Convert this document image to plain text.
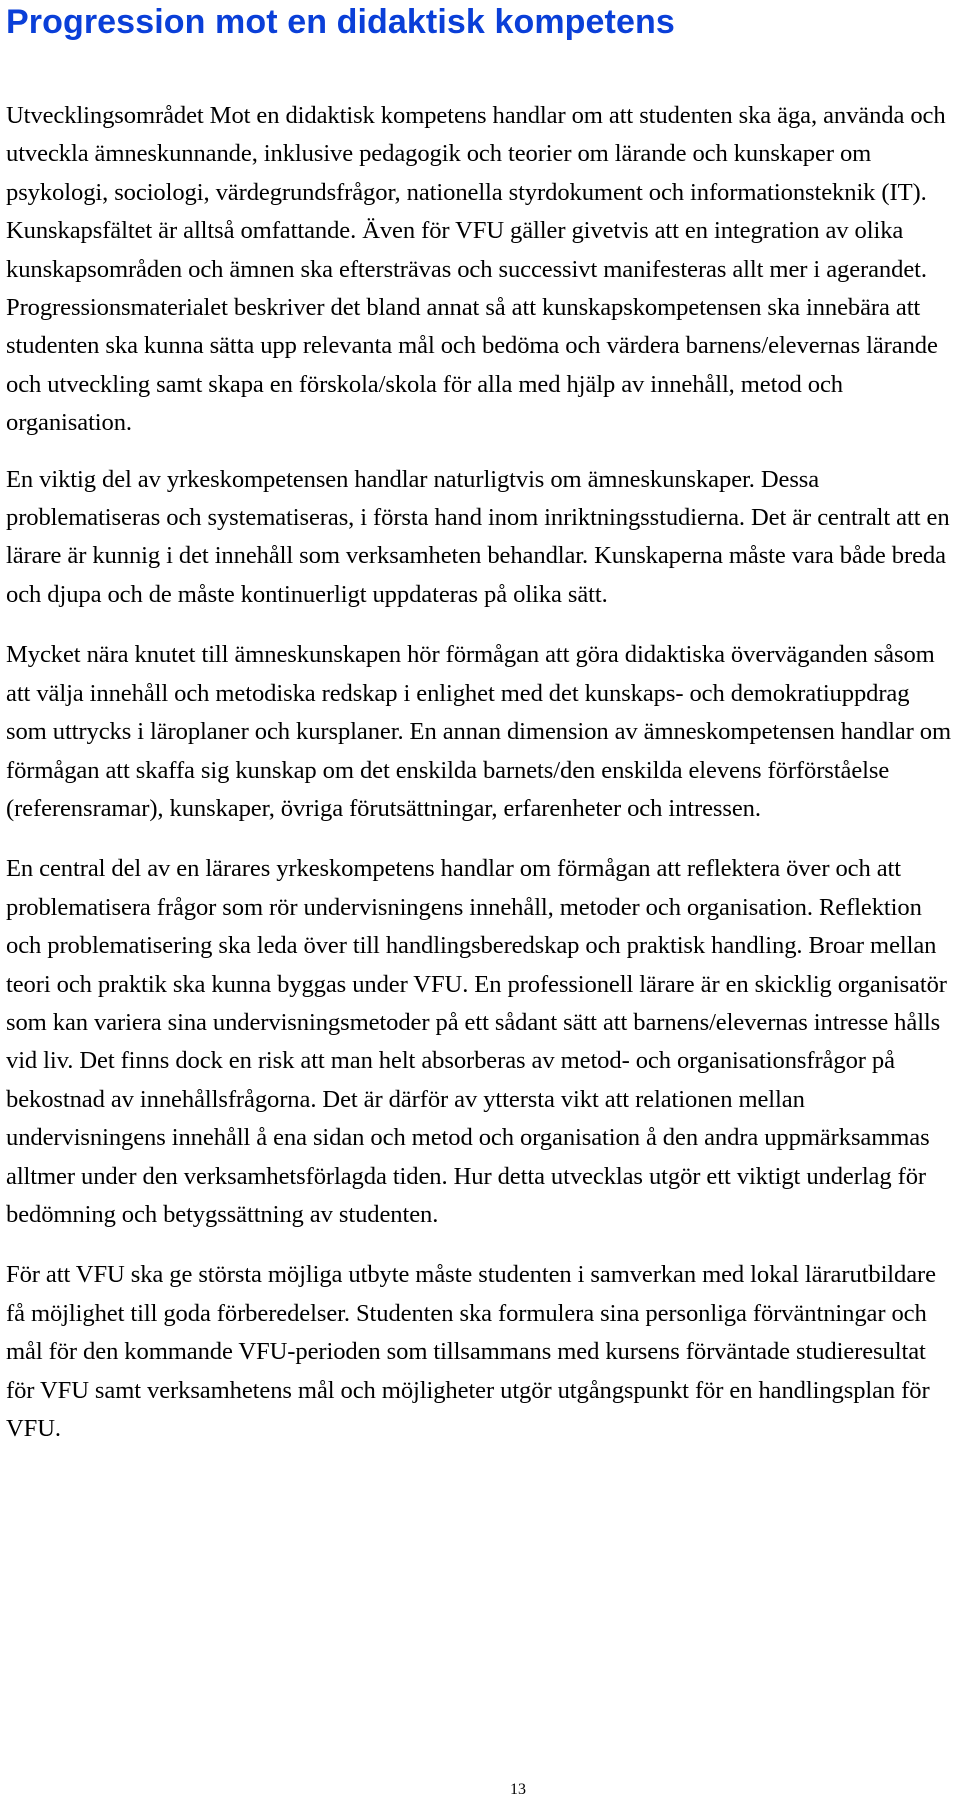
Progression mot en didaktisk kompetens

Utvecklingsområdet Mot en didaktisk kompetens handlar om att studenten ska äga, använda och utveckla ämneskunnande, inklusive pedagogik och teorier om lärande och kunskaper om psykologi, sociologi, värdegrundsfrågor, nationella styrdokument och informationsteknik (IT). Kunskapsfältet är alltså omfattande. Även för VFU gäller givetvis att en integration av olika kunskapsområden och ämnen ska eftersträvas och successivt manifesteras allt mer i agerandet. Progressionsmaterialet beskriver det bland annat så att kunskapskompetensen ska innebära att studenten ska kunna sätta upp relevanta mål och bedöma och värdera barnens/elevernas lärande och utveckling samt skapa en förskola/skola för alla med hjälp av innehåll, metod och organisation.

En viktig del av yrkeskompetensen handlar naturligtvis om ämneskunskaper. Dessa problematiseras och systematiseras, i första hand inom inriktningsstudierna. Det är centralt att en lärare är kunnig i det innehåll som verksamheten behandlar. Kunskaperna måste vara både breda och djupa och de måste kontinuerligt uppdateras på olika sätt.

Mycket nära knutet till ämneskunskapen hör förmågan att göra didaktiska överväganden såsom att välja innehåll och metodiska redskap i enlighet med det kunskaps- och demokratiuppdrag som uttrycks i läroplaner och kursplaner. En annan dimension av ämneskompetensen handlar om förmågan att skaffa sig kunskap om det enskilda barnets/den enskilda elevens förförståelse (referensramar), kunskaper, övriga förutsättningar, erfarenheter och intressen.

En central del av en lärares yrkeskompetens handlar om förmågan att reflektera över och att problematisera frågor som rör undervisningens innehåll, metoder och organisation. Reflektion och problematisering ska leda över till handlingsberedskap och praktisk handling. Broar mellan teori och praktik ska kunna byggas under VFU. En professionell lärare är en skicklig organisatör som kan variera sina undervisningsmetoder på ett sådant sätt att barnens/elevernas intresse hålls vid liv. Det finns dock en risk att man helt absorberas av metod- och organisationsfrågor på bekostnad av innehållsfrågorna. Det är därför av yttersta vikt att relationen mellan undervisningens innehåll å ena sidan och metod och organisation å den andra uppmärksammas alltmer under den verksamhetsförlagda tiden. Hur detta utvecklas utgör ett viktigt underlag för bedömning och betygssättning av studenten.

För att VFU ska ge största möjliga utbyte måste studenten i samverkan med lokal lärarutbildare få möjlighet till goda förberedelser. Studenten ska formulera sina personliga förväntningar och mål för den kommande VFU-perioden som tillsammans med kursens förväntade studieresultat för VFU samt verksamhetens mål och möjligheter utgör utgångspunkt för en handlingsplan för VFU.

13
